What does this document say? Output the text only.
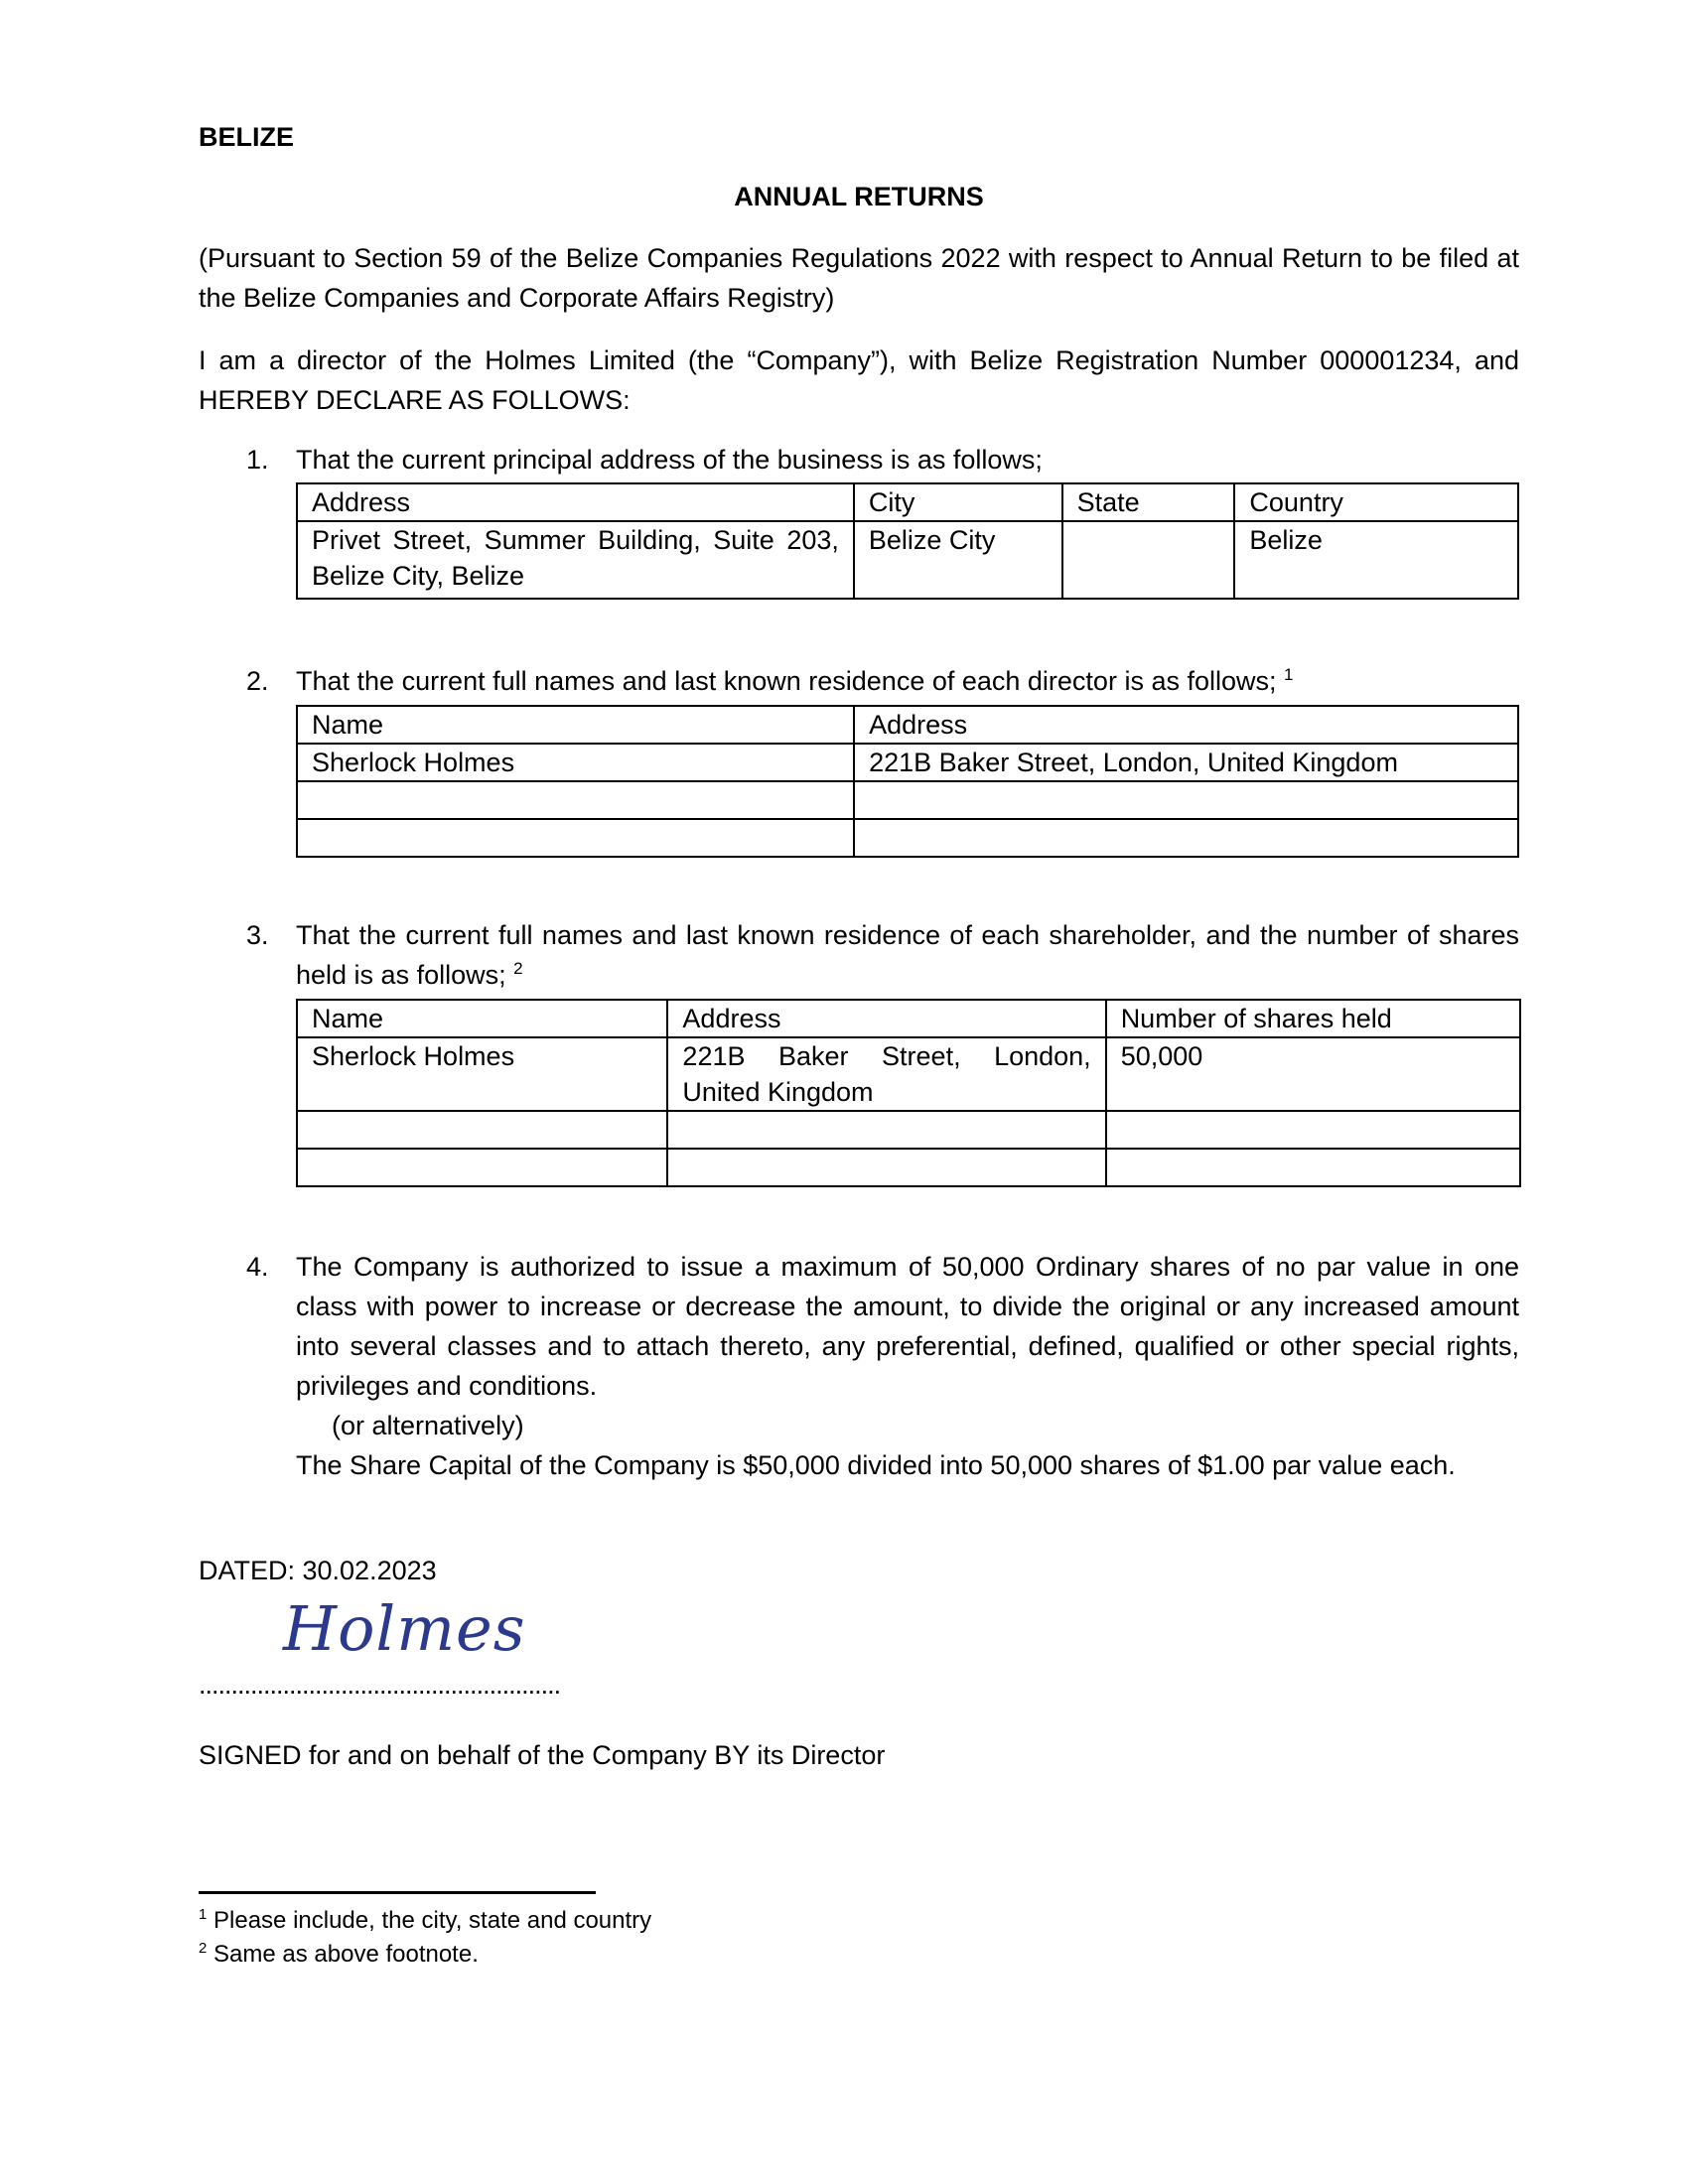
BELIZE
ANNUAL RETURNS
(Pursuant to Section 59 of the Belize Companies Regulations 2022 with respect to Annual Return to be filed at the Belize Companies and Corporate Affairs Registry)
I am a director of the Holmes Limited (the “Company”), with Belize Registration Number 000001234, and HEREBY DECLARE AS FOLLOWS:
1. That the current principal address of the business is as follows;
Address	City	State	Country
Privet Street, Summer Building, Suite 203, Belize City, Belize	Belize City		Belize
2. That the current full names and last known residence of each director is as follows; $^1$
Name	Address
Sherlock Holmes	221B Baker Street, London, United Kingdom

3. That the current full names and last known residence of each shareholder, and the number of shares held is as follows; $^2$
Name	Address	Number of shares held
Sherlock Holmes	221B Baker Street, London, United Kingdom	50,000

4. The Company is authorized to issue a maximum of 50,000 Ordinary shares of no par value in one class with power to increase or decrease the amount, to divide the original or any increased amount into several classes and to attach thereto, any preferential, defined, qualified or other special rights, privileges and conditions.
(or alternatively)
The Share Capital of the Company is $50,000 divided into 50,000 shares of $1.00 par value each.
DATED: 30.02.2023
Holmes
........................................................
SIGNED for and on behalf of the Company BY its Director
$^1$ Please include, the city, state and country
$^2$ Same as above footnote.
